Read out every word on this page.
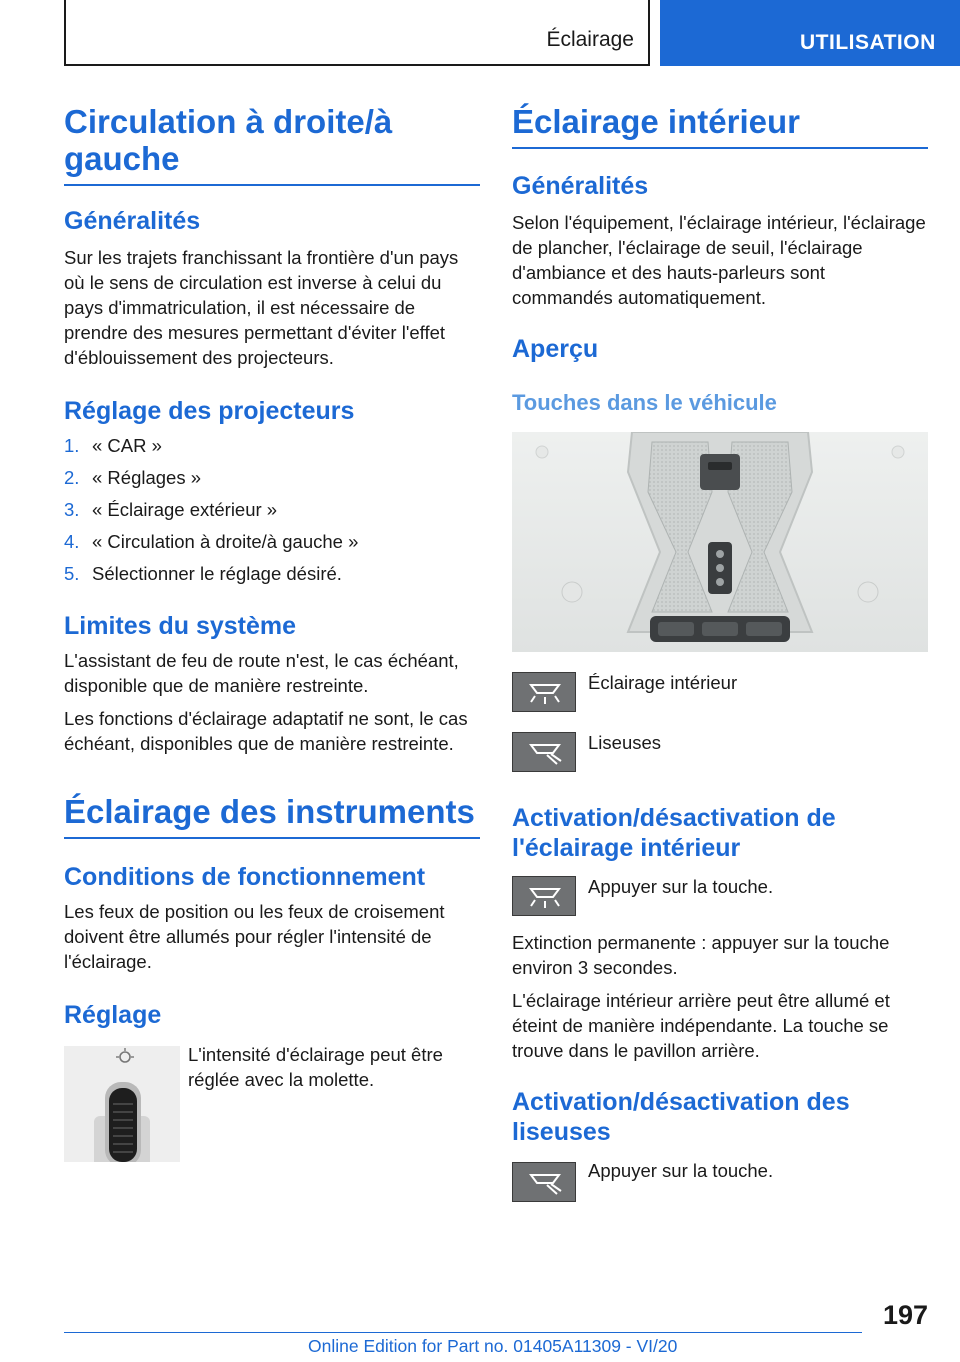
Éclairage	UTILISATION
Circulation à droite/à gauche
Généralités
Sur les trajets franchissant la frontière d'un pays où le sens de circulation est inverse à celui du pays d'immatriculation, il est nécessaire de prendre des mesures permettant d'éviter l'effet d'éblouissement des projecteurs.
Réglage des projecteurs
1. « CAR »
2. « Réglages »
3. « Éclairage extérieur »
4. « Circulation à droite/à gauche »
5. Sélectionner le réglage désiré.
Limites du système
L'assistant de feu de route n'est, le cas échéant, disponible que de manière restreinte.
Les fonctions d'éclairage adaptatif ne sont, le cas échéant, disponibles que de manière restreinte.
Éclairage des instruments
Conditions de fonctionnement
Les feux de position ou les feux de croisement doivent être allumés pour régler l'intensité de l'éclairage.
Réglage
L'intensité d'éclairage peut être réglée avec la molette.
Éclairage intérieur
Généralités
Selon l'équipement, l'éclairage intérieur, l'éclairage de plancher, l'éclairage de seuil, l'éclairage d'ambiance et des hauts-parleurs sont commandés automatiquement.
Aperçu
Touches dans le véhicule
Éclairage intérieur
Liseuses
Activation/désactivation de l'éclairage intérieur
Appuyer sur la touche.
Extinction permanente : appuyer sur la touche environ 3 secondes.
L'éclairage intérieur arrière peut être allumé et éteint de manière indépendante. La touche se trouve dans le pavillon arrière.
Activation/désactivation des liseuses
Appuyer sur la touche.
197
Online Edition for Part no. 01405A11309 - VI/20
